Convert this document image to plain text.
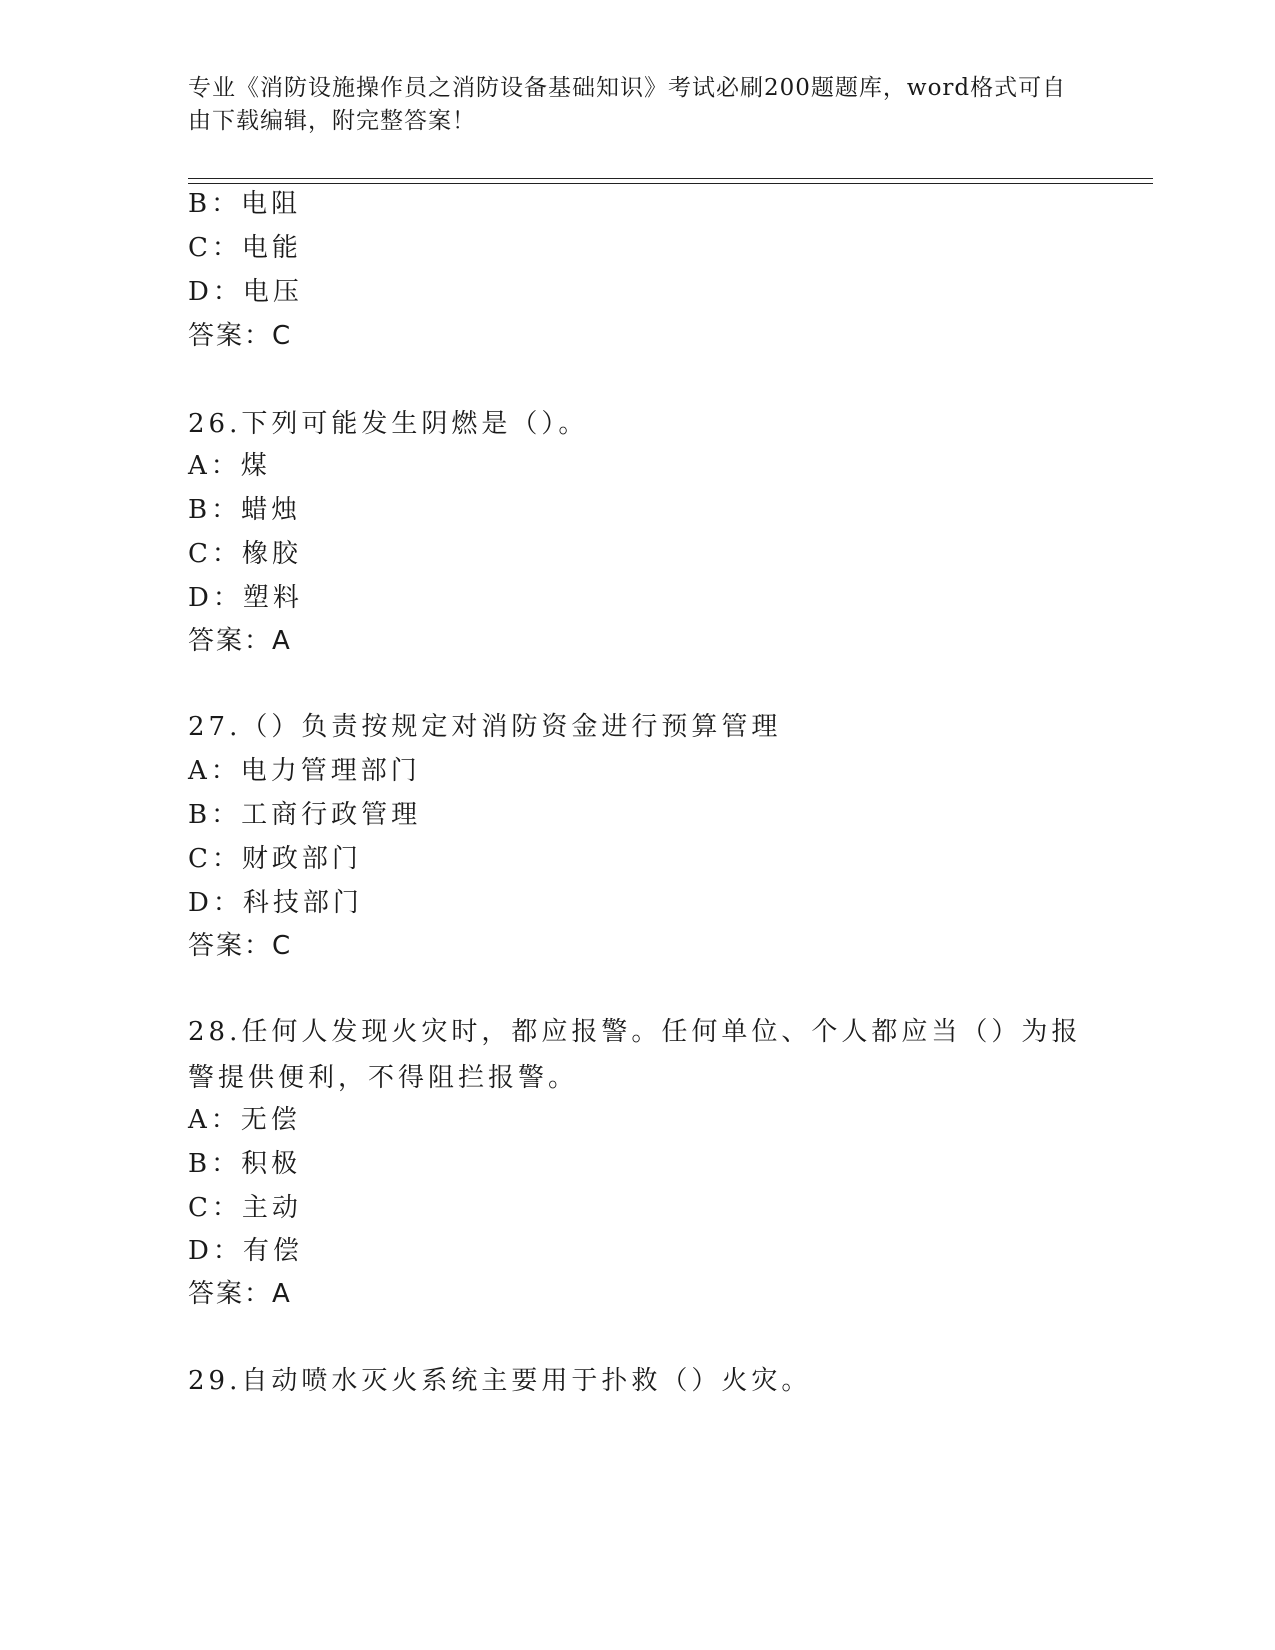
专业《消防设施操作员之消防设备基础知识》考试必刷200题题库，word格式可自由下载编辑，附完整答案！
B：电阻
C：电能
D：电压
答案：C
26.下列可能发生阴燃是（）。
A：煤
B：蜡烛
C：橡胶
D：塑料
答案：A
27.（）负责按规定对消防资金进行预算管理
A：电力管理部门
B：工商行政管理
C：财政部门
D：科技部门
答案：C
28.任何人发现火灾时，都应报警。任何单位、个人都应当（）为报警提供便利，不得阻拦报警。
A：无偿
B：积极
C：主动
D：有偿
答案：A
29.自动喷水灭火系统主要用于扑救（）火灾。
